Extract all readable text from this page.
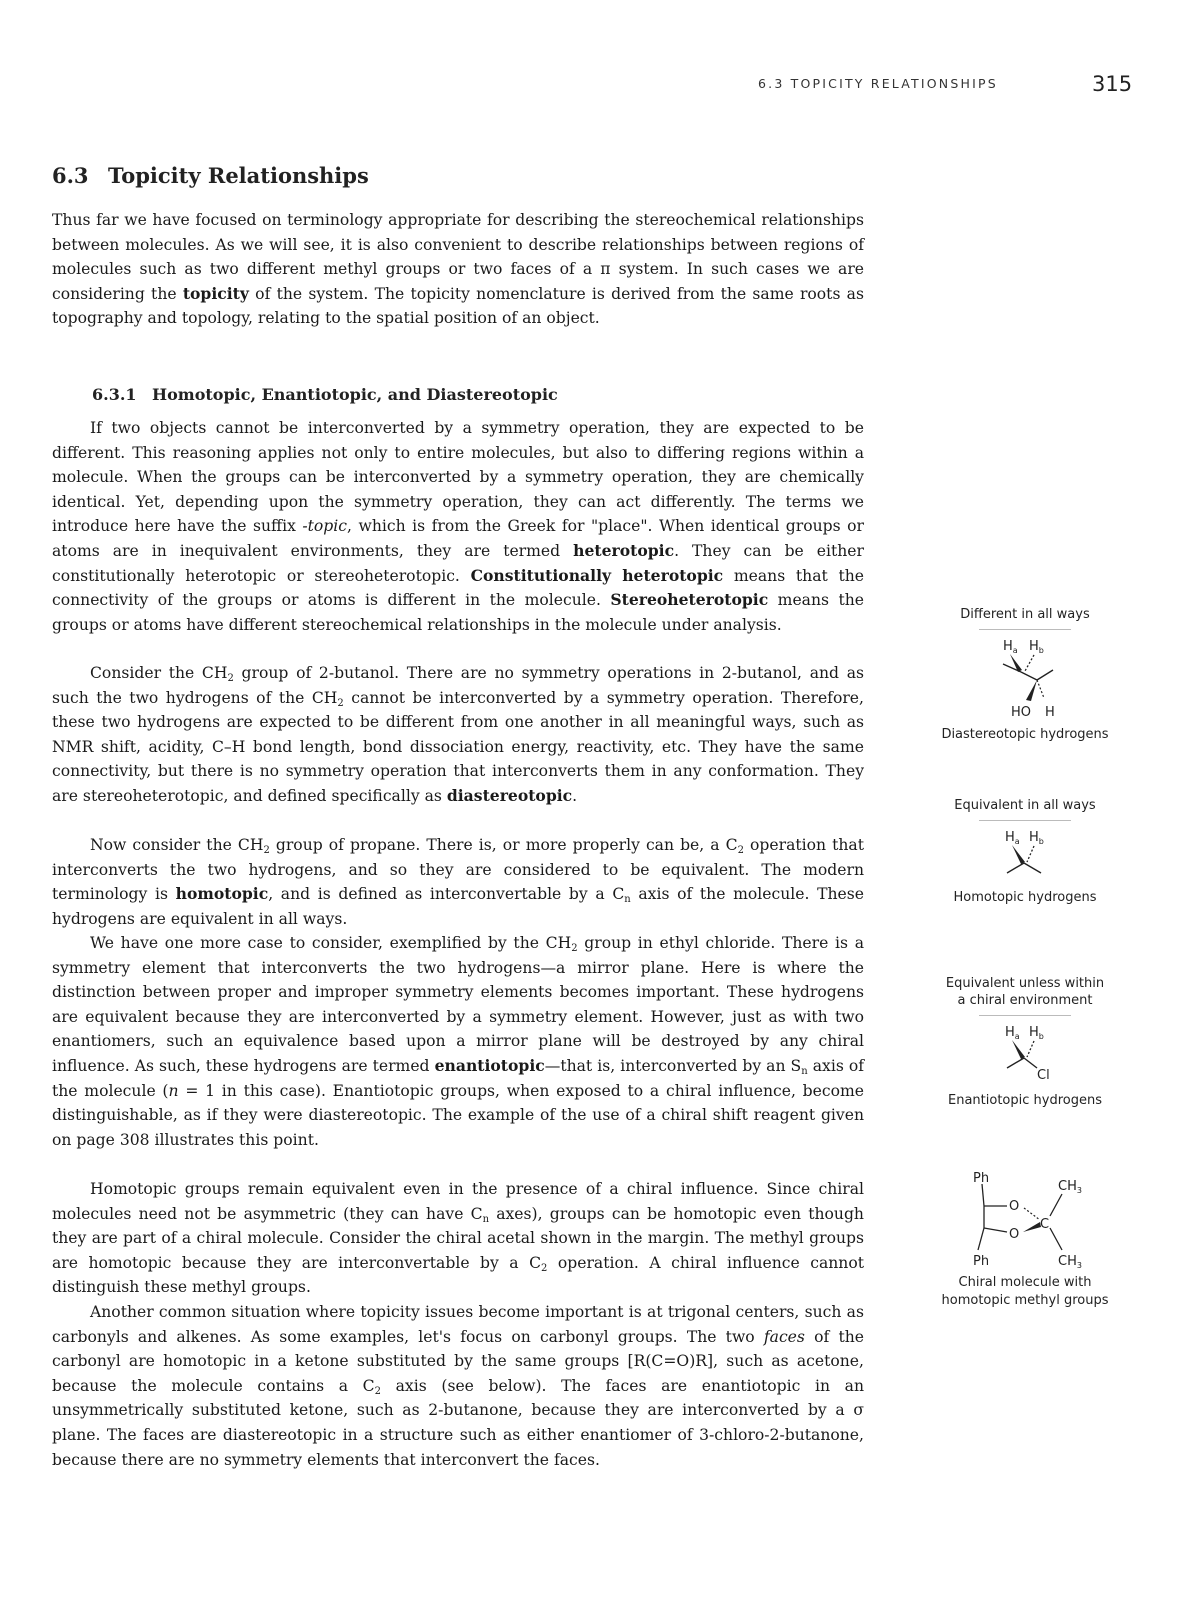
6.3 TOPICITY RELATIONSHIPS	315
6.3 Topicity Relationships

Thus far we have focused on terminology appropriate for describing the stereochemical relationships between molecules. As we will see, it is also convenient to describe relationships between regions of molecules such as two different methyl groups or two faces of a π system. In such cases we are considering the topicity of the system. The topicity nomenclature is derived from the same roots as topography and topology, relating to the spatial position of an object.

6.3.1 Homotopic, Enantiotopic, and Diastereotopic

If two objects cannot be interconverted by a symmetry operation, they are expected to be different. This reasoning applies not only to entire molecules, but also to differing regions within a molecule. When the groups can be interconverted by a symmetry operation, they are chemically identical. Yet, depending upon the symmetry operation, they can act differently. The terms we introduce here have the suffix -topic, which is from the Greek for "place". When identical groups or atoms are in inequivalent environments, they are termed heterotopic. They can be either constitutionally heterotopic or stereoheterotopic. Constitutionally heterotopic means that the connectivity of the groups or atoms is different in the molecule. Stereoheterotopic means the groups or atoms have different stereochemical relationships in the molecule under analysis.

Consider the $CH_2$ group of 2-butanol. There are no symmetry operations in 2-butanol, and as such the two hydrogens of the $CH_2$ cannot be interconverted by a symmetry operation. Therefore, these two hydrogens are expected to be different from one another in all meaningful ways, such as NMR shift, acidity, C–H bond length, bond dissociation energy, reactivity, etc. They have the same connectivity, but there is no symmetry operation that interconverts them in any conformation. They are stereoheterotopic, and defined specifically as diastereotopic.

Now consider the $CH_2$ group of propane. There is, or more properly can be, a $C_2$ operation that interconverts the two hydrogens, and so they are considered to be equivalent. The modern terminology is homotopic, and is defined as interconvertable by a $C_n$ axis of the molecule. These hydrogens are equivalent in all ways.

We have one more case to consider, exemplified by the $CH_2$ group in ethyl chloride. There is a symmetry element that interconverts the two hydrogens—a mirror plane. Here is where the distinction between proper and improper symmetry elements becomes important. These hydrogens are equivalent because they are interconverted by a symmetry element. However, just as with two enantiomers, such an equivalence based upon a mirror plane will be destroyed by any chiral influence. As such, these hydrogens are termed enantiotopic—that is, interconverted by an $S_n$ axis of the molecule (n = 1 in this case). Enantiotopic groups, when exposed to a chiral influence, become distinguishable, as if they were diastereotopic. The example of the use of a chiral shift reagent given on page 308 illustrates this point.

Homotopic groups remain equivalent even in the presence of a chiral influence. Since chiral molecules need not be asymmetric (they can have $C_n$ axes), groups can be homotopic even though they are part of a chiral molecule. Consider the chiral acetal shown in the margin. The methyl groups are homotopic because they are interconvertable by a $C_2$ operation. A chiral influence cannot distinguish these methyl groups.

Another common situation where topicity issues become important is at trigonal centers, such as carbonyls and alkenes. As some examples, let's focus on carbonyl groups. The two faces of the carbonyl are homotopic in a ketone substituted by the same groups [R(C=O)R], such as acetone, because the molecule contains a $C_2$ axis (see below). The faces are enantiotopic in an unsymmetrically substituted ketone, such as 2-butanone, because they are interconverted by a σ plane. The faces are diastereotopic in a structure such as either enantiomer of 3-chloro-2-butanone, because there are no symmetry elements that interconvert the faces.

Different in all ways
$H_a$ $H_b$
HO H
Diastereotopic hydrogens
Equivalent in all ways
$H_a$ $H_b$
Homotopic hydrogens
Equivalent unless within
a chiral environment
$H_a$ $H_b$
Cl
Enantiotopic hydrogens
Ph
Ph
$CH_3$
$CH_3$
O
O
C
Chiral molecule with
homotopic methyl groups
